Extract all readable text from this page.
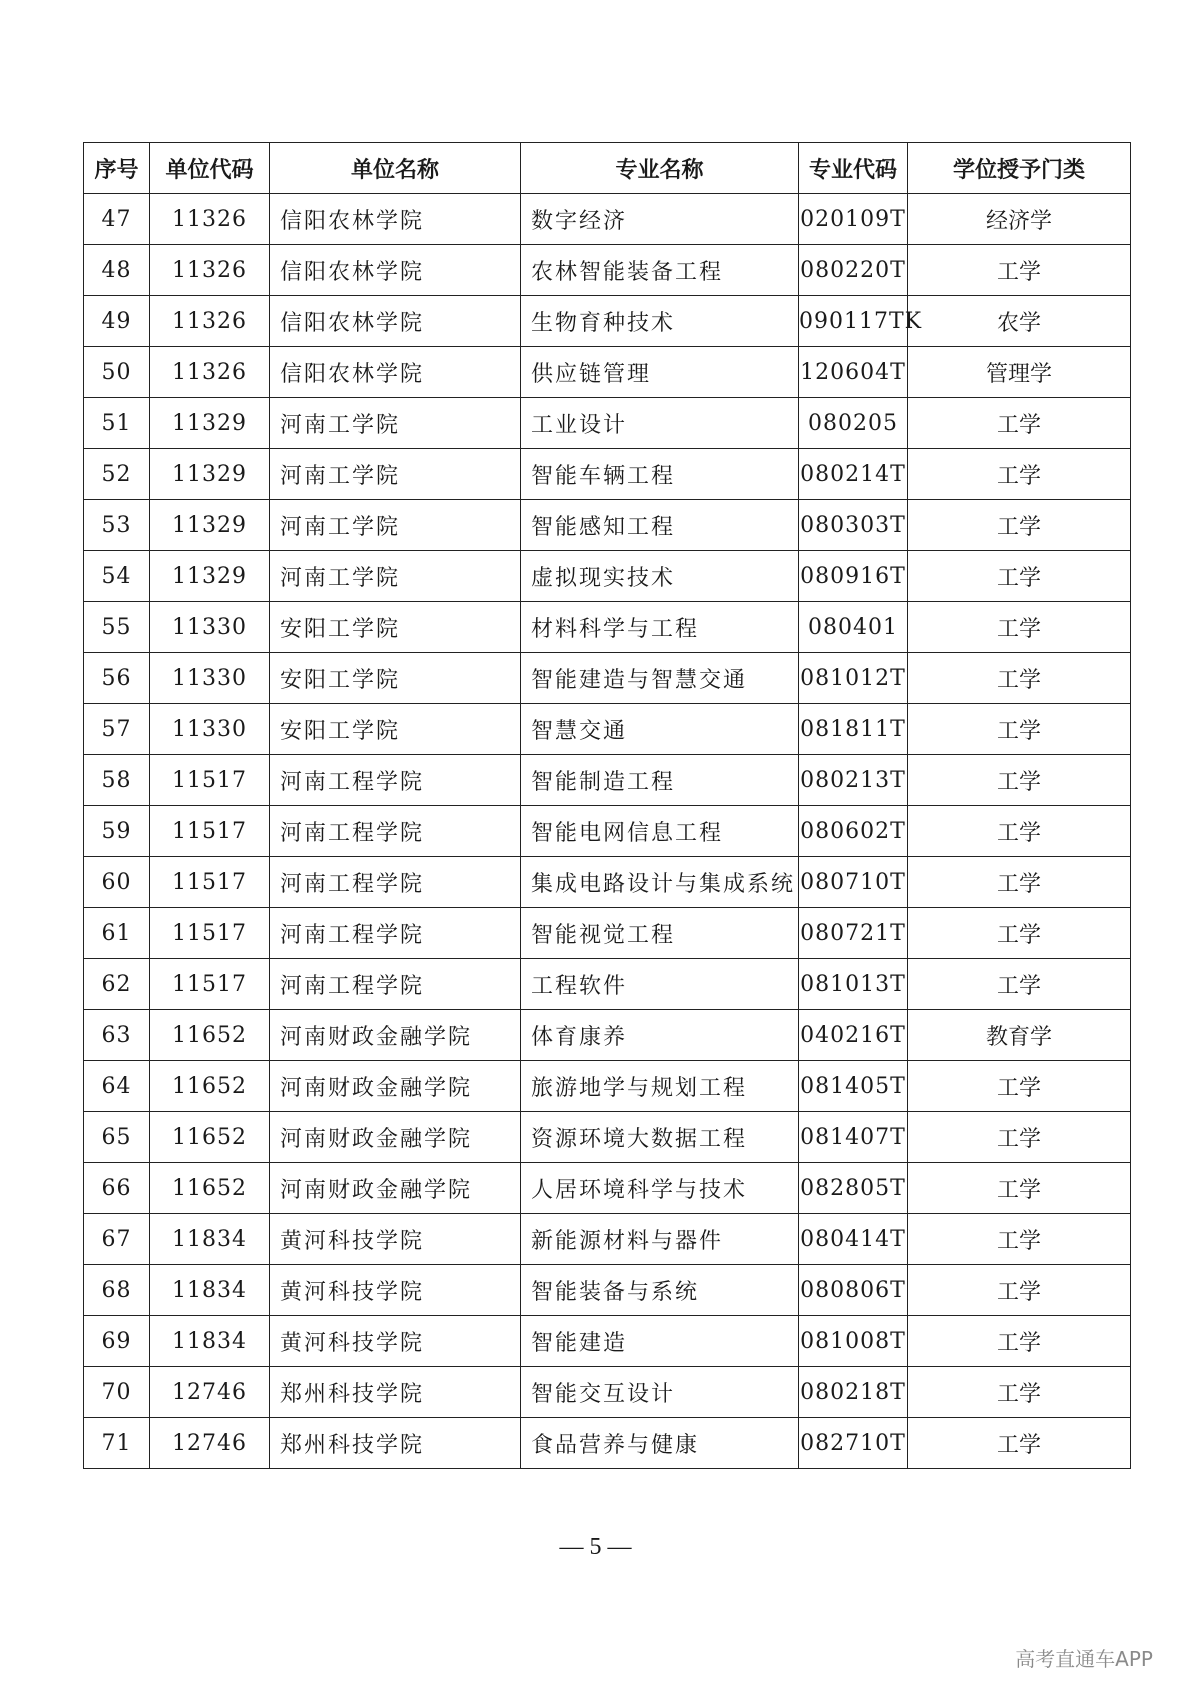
序号	单位代码	单位名称	专业名称	专业代码	学位授予门类
47	11326	信阳农林学院	数字经济	020109T	经济学
48	11326	信阳农林学院	农林智能装备工程	080220T	工学
49	11326	信阳农林学院	生物育种技术	090117TK	农学
50	11326	信阳农林学院	供应链管理	120604T	管理学
51	11329	河南工学院	工业设计	080205	工学
52	11329	河南工学院	智能车辆工程	080214T	工学
53	11329	河南工学院	智能感知工程	080303T	工学
54	11329	河南工学院	虚拟现实技术	080916T	工学
55	11330	安阳工学院	材料科学与工程	080401	工学
56	11330	安阳工学院	智能建造与智慧交通	081012T	工学
57	11330	安阳工学院	智慧交通	081811T	工学
58	11517	河南工程学院	智能制造工程	080213T	工学
59	11517	河南工程学院	智能电网信息工程	080602T	工学
60	11517	河南工程学院	集成电路设计与集成系统	080710T	工学
61	11517	河南工程学院	智能视觉工程	080721T	工学
62	11517	河南工程学院	工程软件	081013T	工学
63	11652	河南财政金融学院	体育康养	040216T	教育学
64	11652	河南财政金融学院	旅游地学与规划工程	081405T	工学
65	11652	河南财政金融学院	资源环境大数据工程	081407T	工学
66	11652	河南财政金融学院	人居环境科学与技术	082805T	工学
67	11834	黄河科技学院	新能源材料与器件	080414T	工学
68	11834	黄河科技学院	智能装备与系统	080806T	工学
69	11834	黄河科技学院	智能建造	081008T	工学
70	12746	郑州科技学院	智能交互设计	080218T	工学
71	12746	郑州科技学院	食品营养与健康	082710T	工学
— 5 —
高考直通车APP
